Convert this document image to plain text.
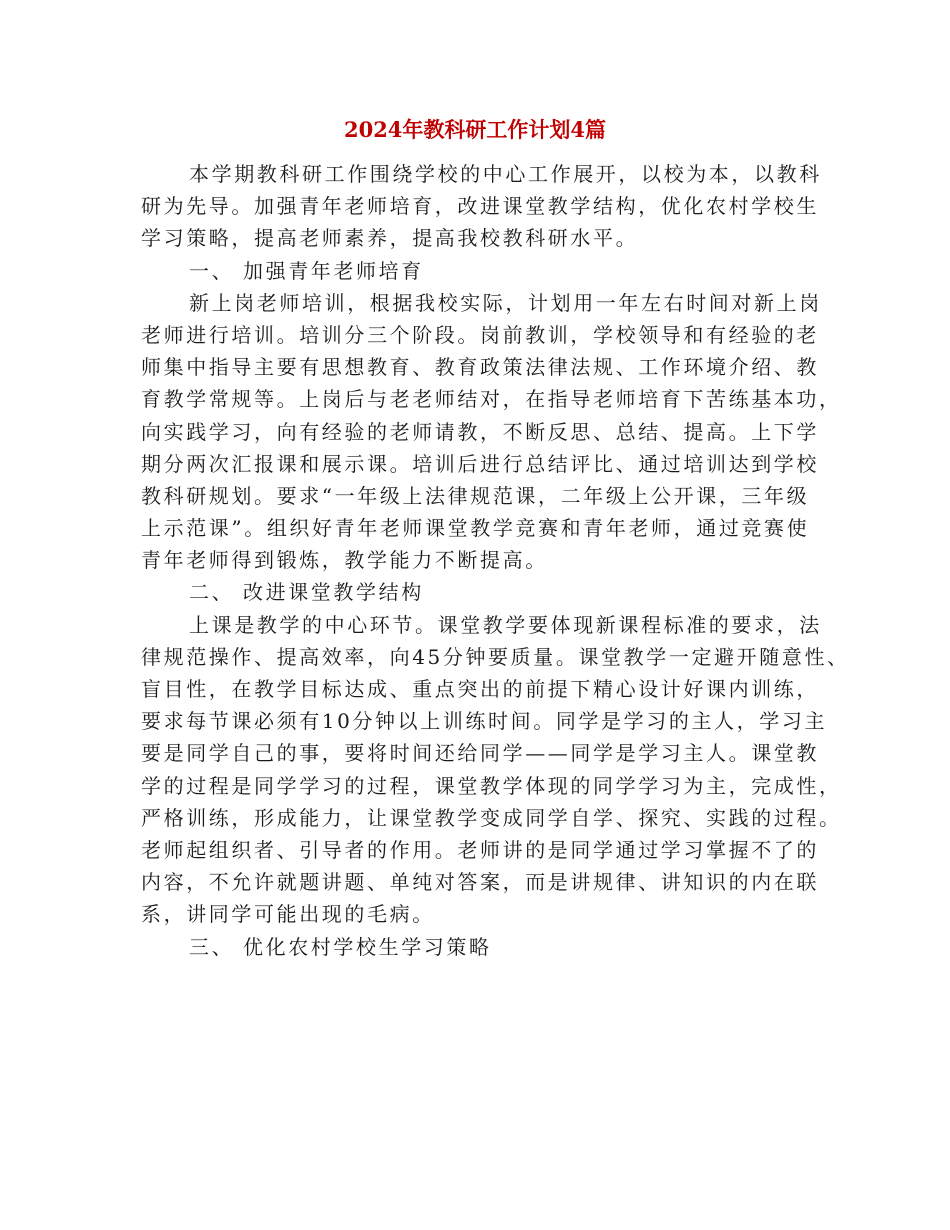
2024年教科研工作计划4篇
本学期教科研工作围绕学校的中心工作展开，以校为本，以教科
研为先导。加强青年老师培育，改进课堂教学结构，优化农村学校生
学习策略，提高老师素养，提高我校教科研水平。
一、 加强青年老师培育
新上岗老师培训，根据我校实际，计划用一年左右时间对新上岗
老师进行培训。培训分三个阶段。岗前教训，学校领导和有经验的老
师集中指导主要有思想教育、教育政策法律法规、工作环境介绍、教
育教学常规等。上岗后与老老师结对，在指导老师培育下苦练基本功，
向实践学习，向有经验的老师请教，不断反思、总结、提高。上下学
期分两次汇报课和展示课。培训后进行总结评比、通过培训达到学校
教科研规划。要求“一年级上法律规范课，二年级上公开课，三年级
上示范课”。组织好青年老师课堂教学竞赛和青年老师，通过竞赛使
青年老师得到锻炼，教学能力不断提高。
二、 改进课堂教学结构
上课是教学的中心环节。课堂教学要体现新课程标准的要求，法
律规范操作、提高效率，向45分钟要质量。课堂教学一定避开随意性、
盲目性，在教学目标达成、重点突出的前提下精心设计好课内训练，
要求每节课必须有10分钟以上训练时间。同学是学习的主人，学习主
要是同学自己的事，要将时间还给同学——同学是学习主人。课堂教
学的过程是同学学习的过程，课堂教学体现的同学学习为主，完成性，
严格训练，形成能力，让课堂教学变成同学自学、探究、实践的过程。
老师起组织者、引导者的作用。老师讲的是同学通过学习掌握不了的
内容，不允许就题讲题、单纯对答案，而是讲规律、讲知识的内在联
系，讲同学可能出现的毛病。
三、 优化农村学校生学习策略
